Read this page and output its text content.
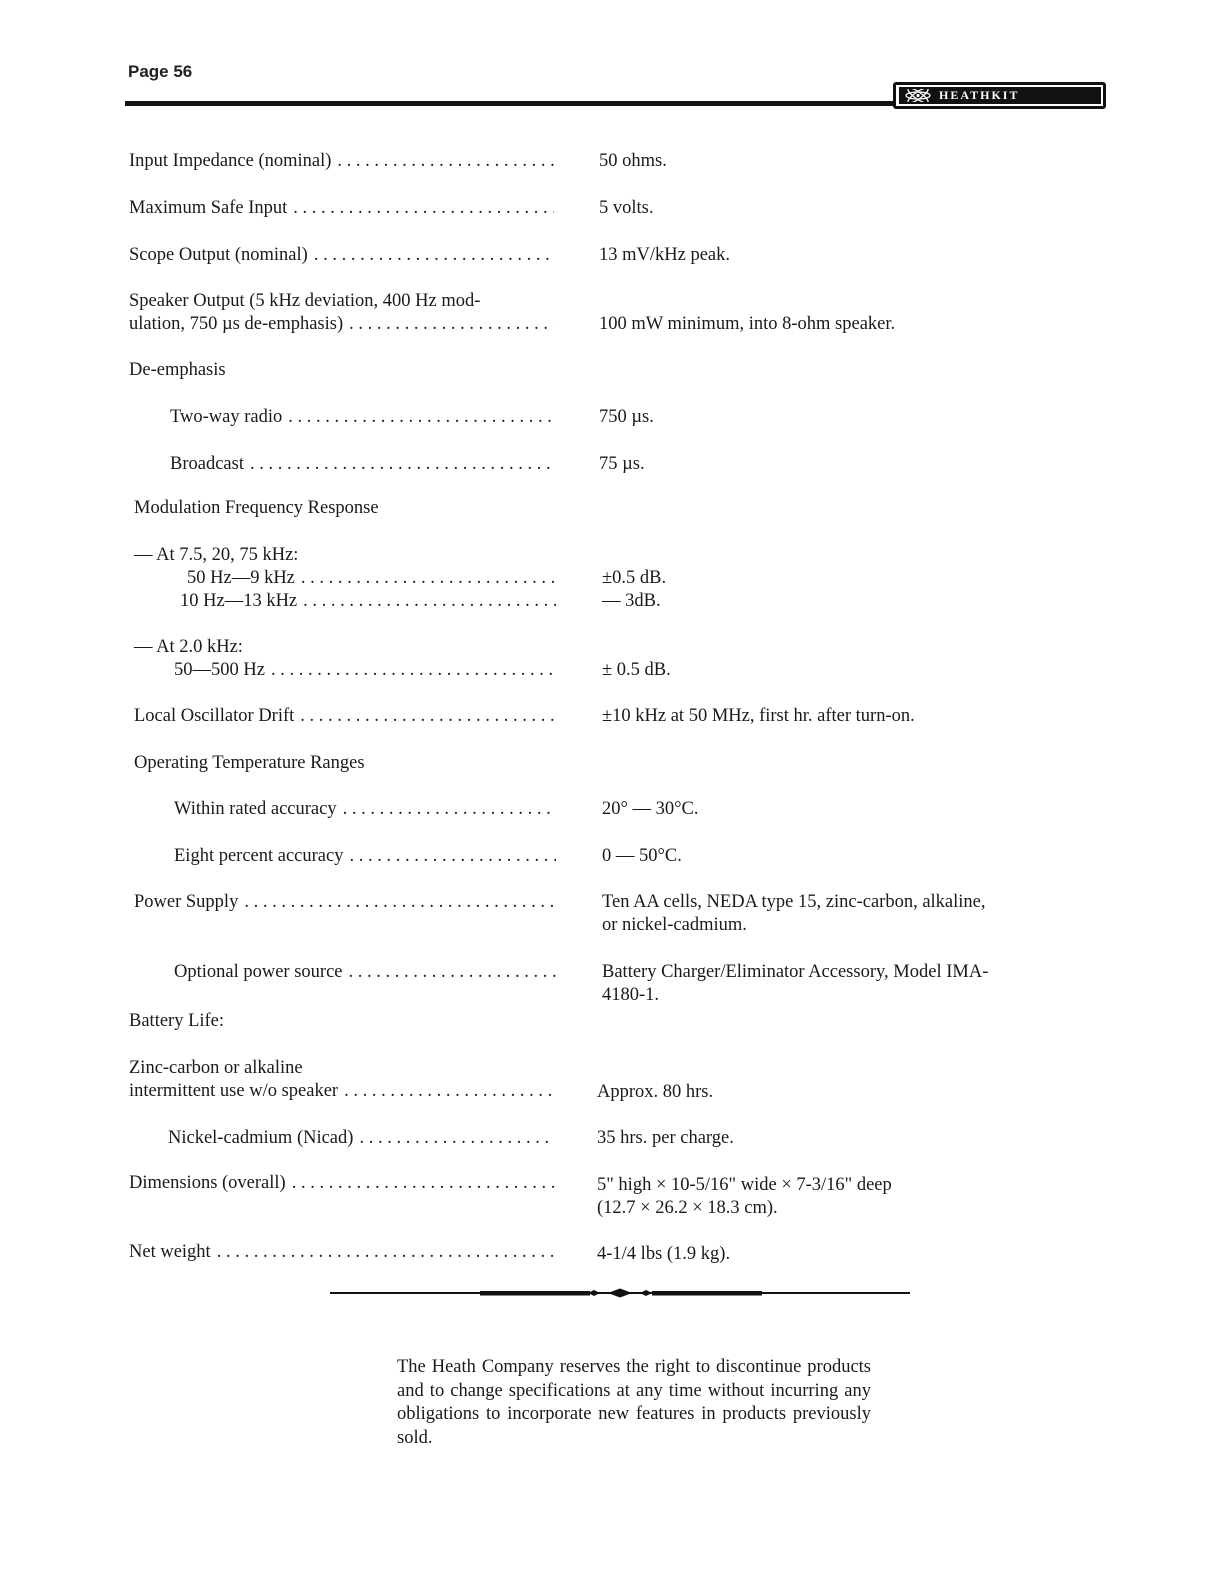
Page 56
HEATHKIT
Input Impedance (nominal) . . .	50 ohms.
Maximum Safe Input . . .	5 volts.
Scope Output (nominal) . . .	13 mV/kHz peak.
Speaker Output (5 kHz deviation, 400 Hz mod-
ulation, 750 µs de-emphasis) . . .	100 mW minimum, into 8-ohm speaker.
De-emphasis
Two-way radio . . .	750 µs.
Broadcast . . .	75 µs.
Modulation Frequency Response
— At 7.5, 20, 75 kHz:
50 Hz—9 kHz . . .	±0.5 dB.
10 Hz—13 kHz . . .	— 3dB.
— At 2.0 kHz:
50—500 Hz . . .	± 0.5 dB.
Local Oscillator Drift . . .	±10 kHz at 50 MHz, first hr. after turn-on.
Operating Temperature Ranges
Within rated accuracy . . .	20° — 30°C.
Eight percent accuracy . . .	0 — 50°C.
Power Supply . . .	Ten AA cells, NEDA type 15, zinc-carbon, alkaline,
or nickel-cadmium.
Optional power source . . .	Battery Charger/Eliminator Accessory, Model IMA-
4180-1.
Battery Life:
Zinc-carbon or alkaline
intermittent use w/o speaker . . .	Approx. 80 hrs.
Nickel-cadmium (Nicad) . . .	35 hrs. per charge.
Dimensions (overall) . . .	5" high × 10-5/16" wide × 7-3/16" deep
(12.7 × 26.2 × 18.3 cm).
Net weight . . .	4-1/4 lbs (1.9 kg).
The Heath Company reserves the right to discontinue products and to change specifications at any time without incurring any obligations to incorporate new features in products previously sold.
